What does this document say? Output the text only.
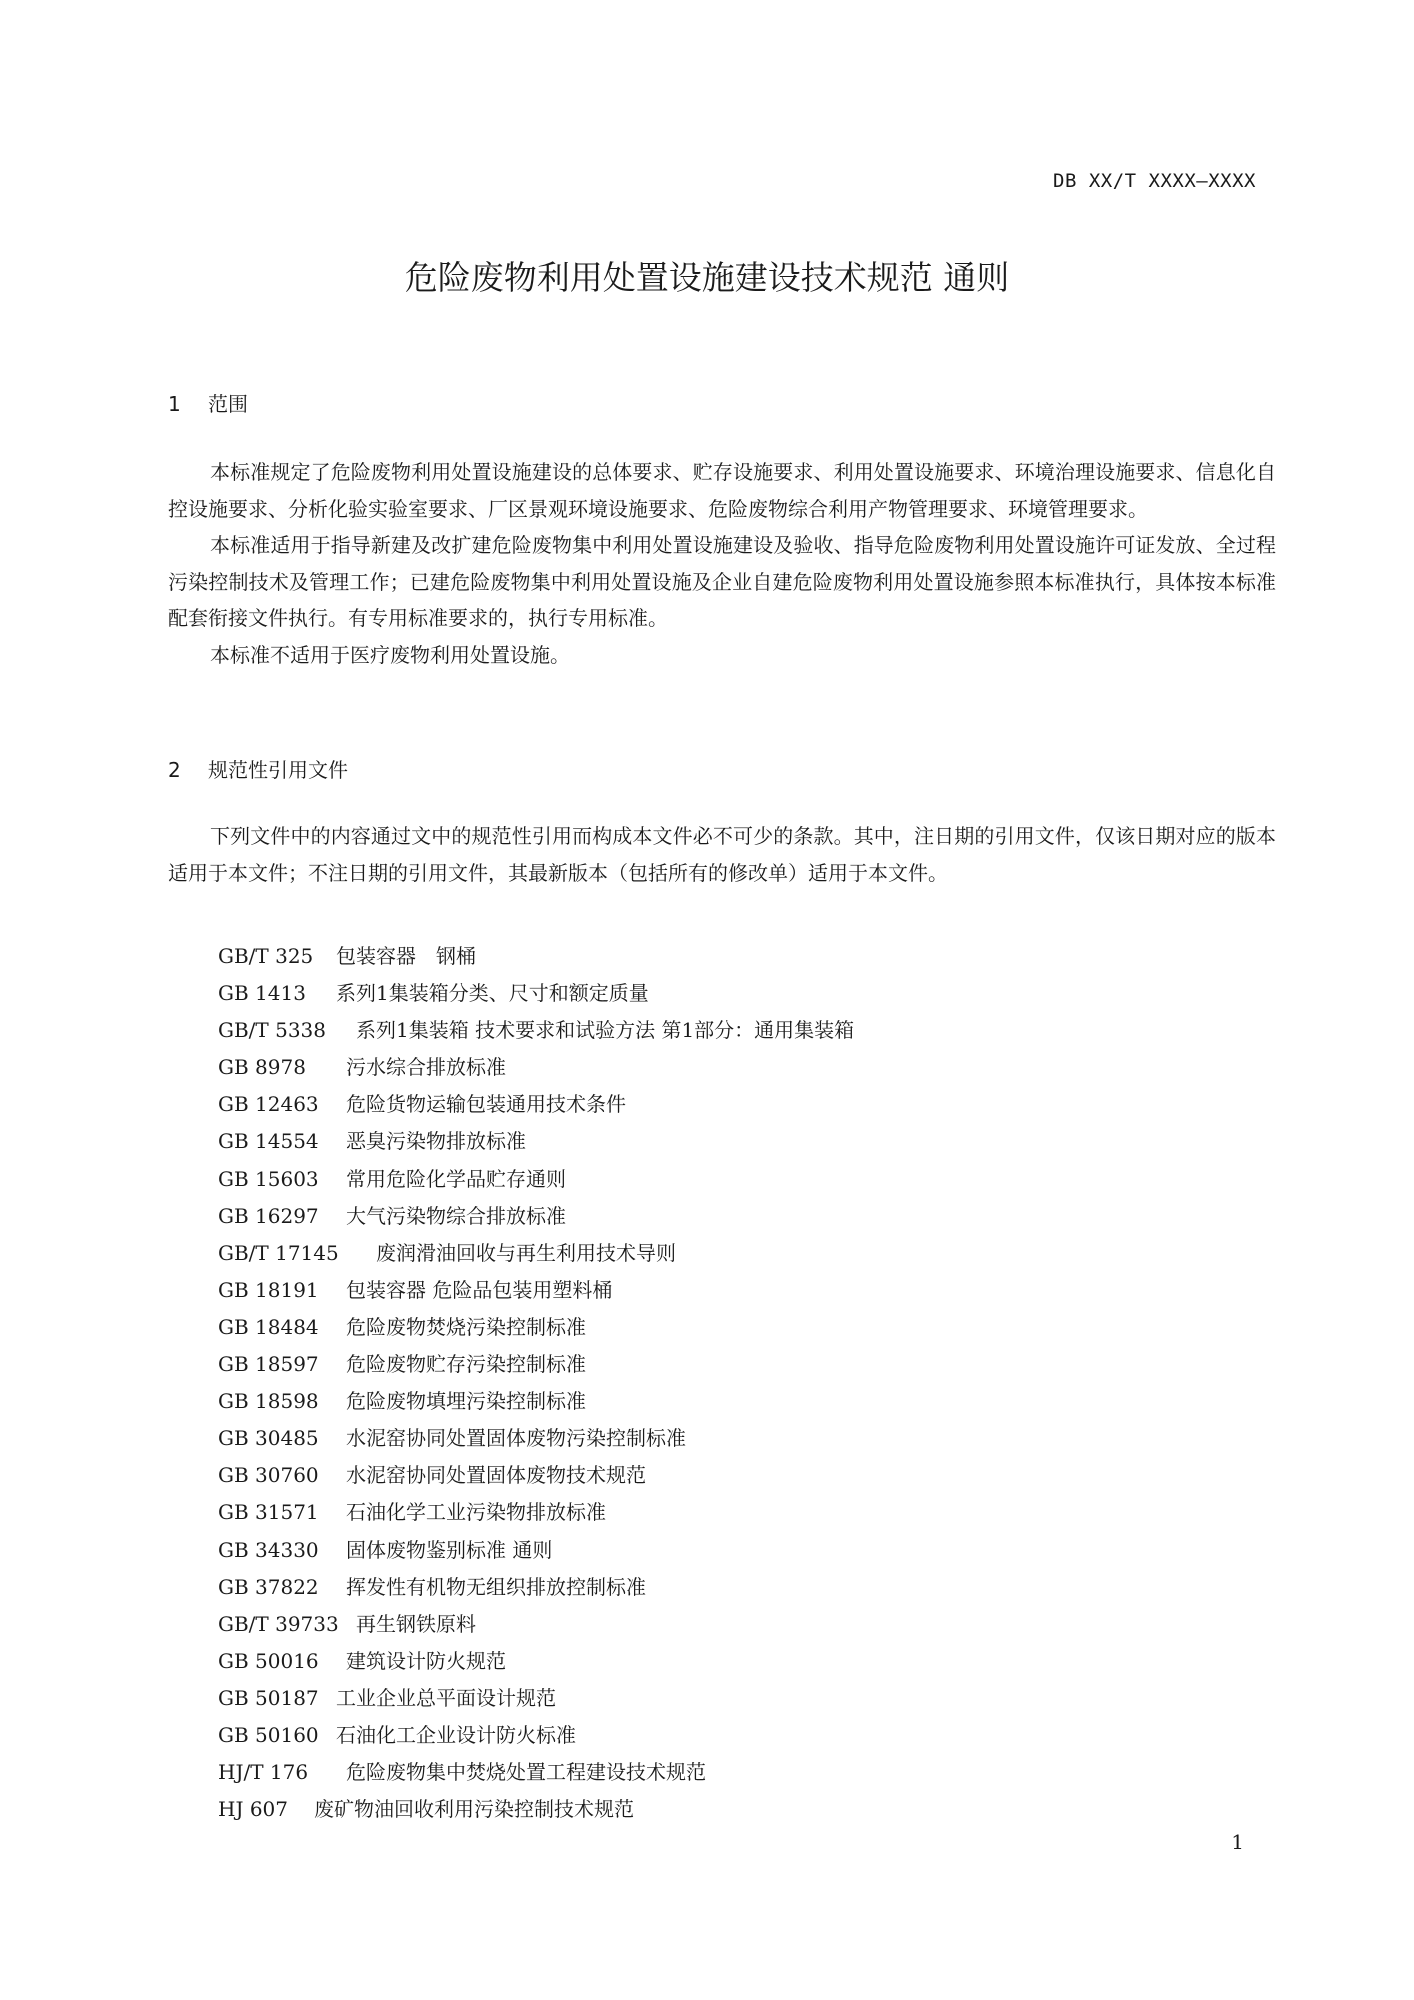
DB XX/T XXXX—XXXX
危险废物利用处置设施建设技术规范 通则
1 范围

本标准规定了危险废物利用处置设施建设的总体要求、贮存设施要求、利用处置设施要求、环境治理设施要求、信息化自控设施要求、分析化验实验室要求、厂区景观环境设施要求、危险废物综合利用产物管理要求、环境管理要求。

本标准适用于指导新建及改扩建危险废物集中利用处置设施建设及验收、指导危险废物利用处置设施许可证发放、全过程污染控制技术及管理工作；已建危险废物集中利用处置设施及企业自建危险废物利用处置设施参照本标准执行，具体按本标准配套衔接文件执行。有专用标准要求的，执行专用标准。

本标准不适用于医疗废物利用处置设施。

2 规范性引用文件

下列文件中的内容通过文中的规范性引用而构成本文件必不可少的条款。其中，注日期的引用文件，仅该日期对应的版本适用于本文件；不注日期的引用文件，其最新版本（包括所有的修改单）适用于本文件。

GB/T 325 包装容器　钢桶
GB 1413 系列1集装箱分类、尺寸和额定质量
GB/T 5338 系列1集装箱 技术要求和试验方法 第1部分：通用集装箱
GB 8978 污水综合排放标准
GB 12463 危险货物运输包装通用技术条件
GB 14554 恶臭污染物排放标准
GB 15603 常用危险化学品贮存通则
GB 16297 大气污染物综合排放标准
GB/T 17145 废润滑油回收与再生利用技术导则
GB 18191 包装容器 危险品包装用塑料桶
GB 18484 危险废物焚烧污染控制标准
GB 18597 危险废物贮存污染控制标准
GB 18598 危险废物填埋污染控制标准
GB 30485 水泥窑协同处置固体废物污染控制标准
GB 30760 水泥窑协同处置固体废物技术规范
GB 31571 石油化学工业污染物排放标准
GB 34330 固体废物鉴别标准 通则
GB 37822 挥发性有机物无组织排放控制标准
GB/T 39733 再生钢铁原料
GB 50016 建筑设计防火规范
GB 50187 工业企业总平面设计规范
GB 50160 石油化工企业设计防火标准
HJ/T 176 危险废物集中焚烧处置工程建设技术规范
HJ 607 废矿物油回收利用污染控制技术规范
1
